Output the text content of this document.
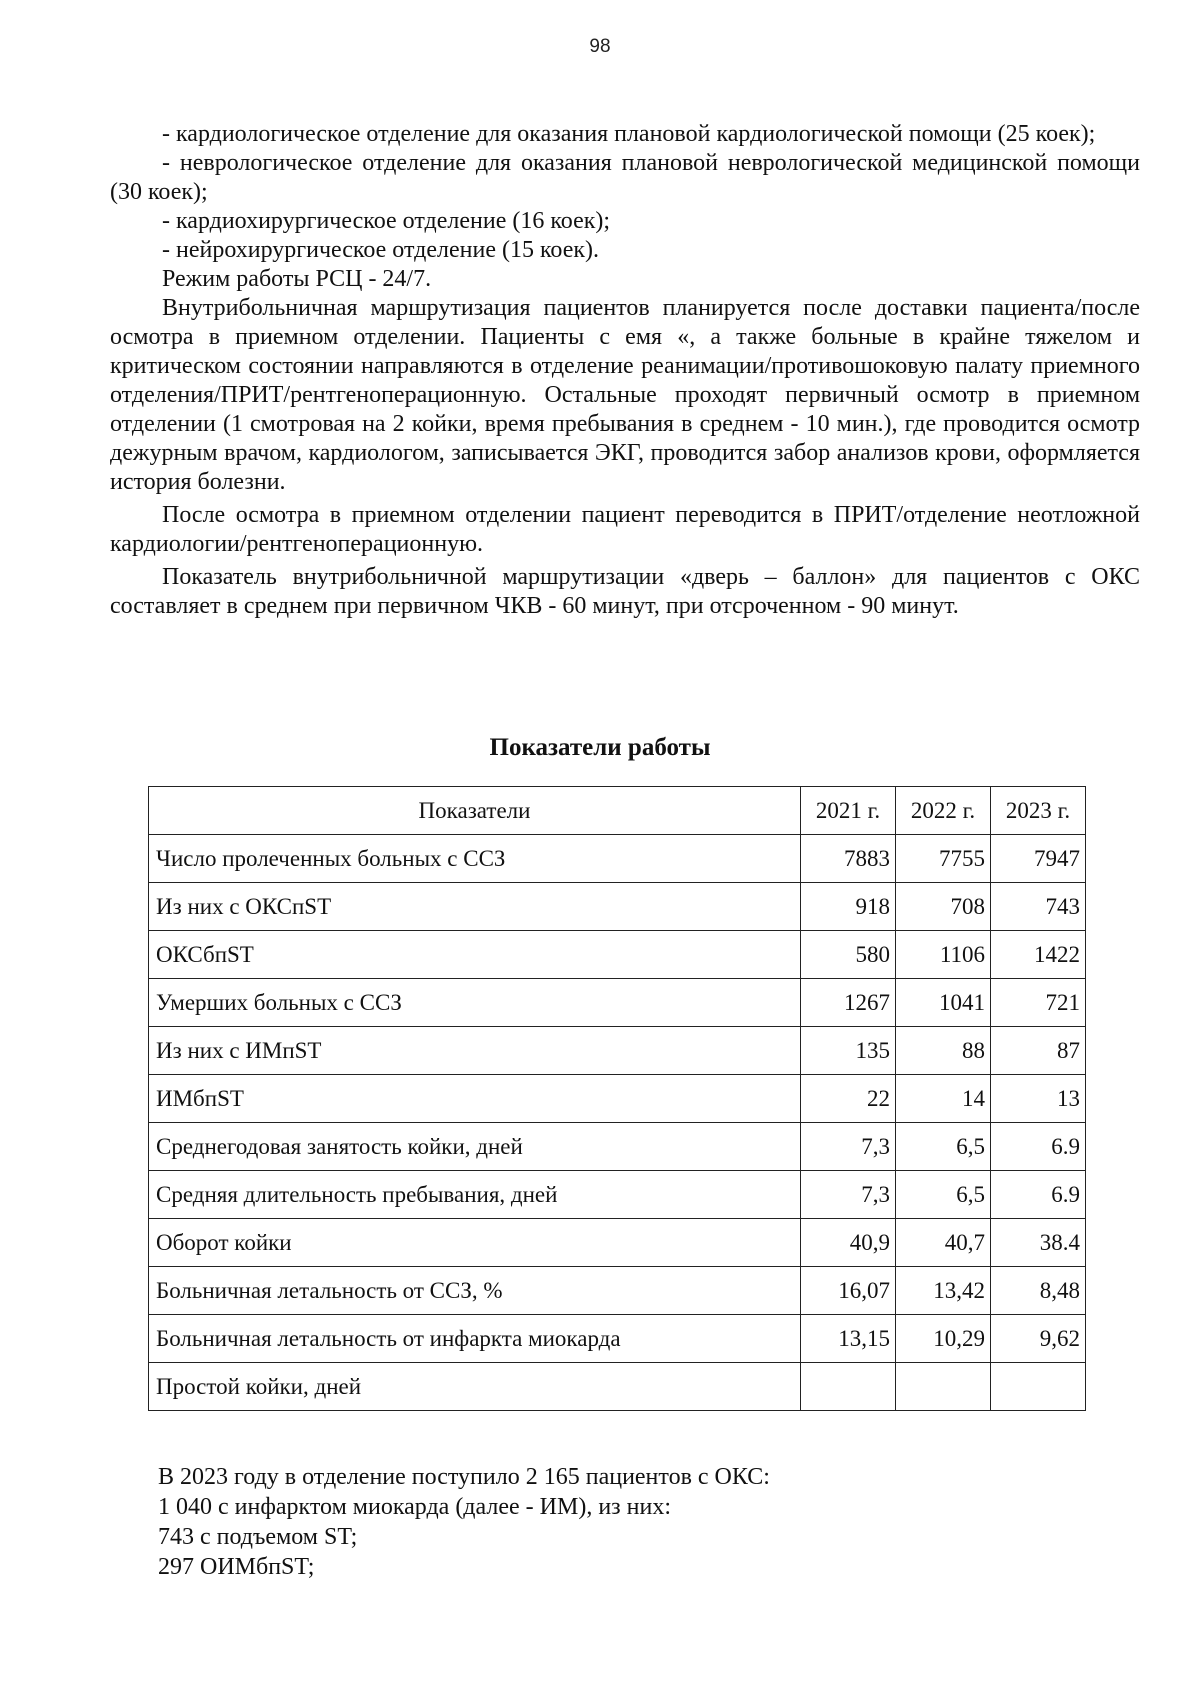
98

- кардиологическое отделение для оказания плановой кардиологической помощи (25 коек);

- неврологическое отделение для оказания плановой неврологической медицинской помощи (30 коек);

- кардиохирургическое отделение (16 коек);

- нейрохирургическое отделение (15 коек).

Режим работы РСЦ - 24/7.

Внутрибольничная маршрутизация пациентов планируется после доставки пациента/после осмотра в приемном отделении. Пациенты с емя «, а также больные в крайне тяжелом и критическом состоянии направляются в отделение реанимации/противошоковую палату приемного отделения/ПРИТ/рентгеноперационную. Остальные проходят первичный осмотр в приемном отделении (1 смотровая на 2 койки, время пребывания в среднем - 10 мин.), где проводится осмотр дежурным врачом, кардиологом, записывается ЭКГ, проводится забор анализов крови, оформляется история болезни.

После осмотра в приемном отделении пациент переводится в ПРИТ/отделение неотложной кардиологии/рентгеноперационную.

Показатель внутрибольничной маршрутизации «дверь – баллон» для пациентов с ОКС составляет в среднем при первичном ЧКВ - 60 минут, при отсроченном - 90 минут.

Показатели работы
Показатели	2021 г.	2022 г.	2023 г.
Число пролеченных больных с ССЗ	7883	7755	7947
Из них с ОКСпST	918	708	743
ОКСбпST	580	1106	1422
Умерших больных с ССЗ	1267	1041	721
Из них с ИМпST	135	88	87
ИМбпST	22	14	13
Среднегодовая занятость койки, дней	7,3	6,5	6.9
Средняя длительность пребывания, дней	7,3	6,5	6.9
Оборот койки	40,9	40,7	38.4
Больничная летальность от ССЗ, %	16,07	13,42	8,48
Больничная летальность от инфаркта миокарда	13,15	10,29	9,62
Простой койки, дней			

В 2023 году в отделение поступило 2 165 пациентов с ОКС:

1 040 с инфарктом миокарда (далее - ИМ), из них:

743 с подъемом ST;

297 ОИМбпST;
